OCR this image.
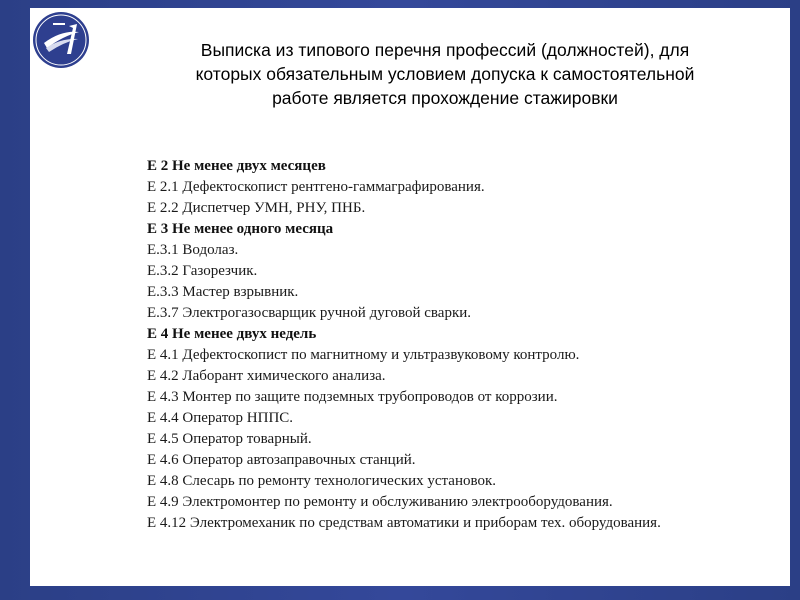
Выписка из типового перечня профессий (должностей), для
которых обязательным условием допуска к самостоятельной
работе является прохождение стажировки
Е 2 Не менее двух месяцев
Е 2.1 Дефектоскопист рентгено-гаммаграфирования.
Е 2.2 Диспетчер УМН, РНУ, ПНБ.
Е 3 Не менее одного месяца
Е.3.1 Водолаз.
Е.3.2 Газорезчик.
Е.3.3 Мастер взрывник.
Е.3.7 Электрогазосварщик ручной дуговой сварки.
Е 4 Не менее двух недель
Е 4.1 Дефектоскопист по магнитному и ультразвуковому контролю.
Е 4.2 Лаборант химического анализа.
Е 4.3 Монтер по защите подземных трубопроводов от коррозии.
Е 4.4 Оператор НППС.
Е 4.5 Оператор товарный.
Е 4.6 Оператор автозаправочных станций.
Е 4.8 Слесарь по ремонту технологических установок.
Е 4.9 Электромонтер по ремонту и обслуживанию электрооборудования.
Е 4.12 Электромеханик по средствам автоматики и приборам тех. оборудования.
